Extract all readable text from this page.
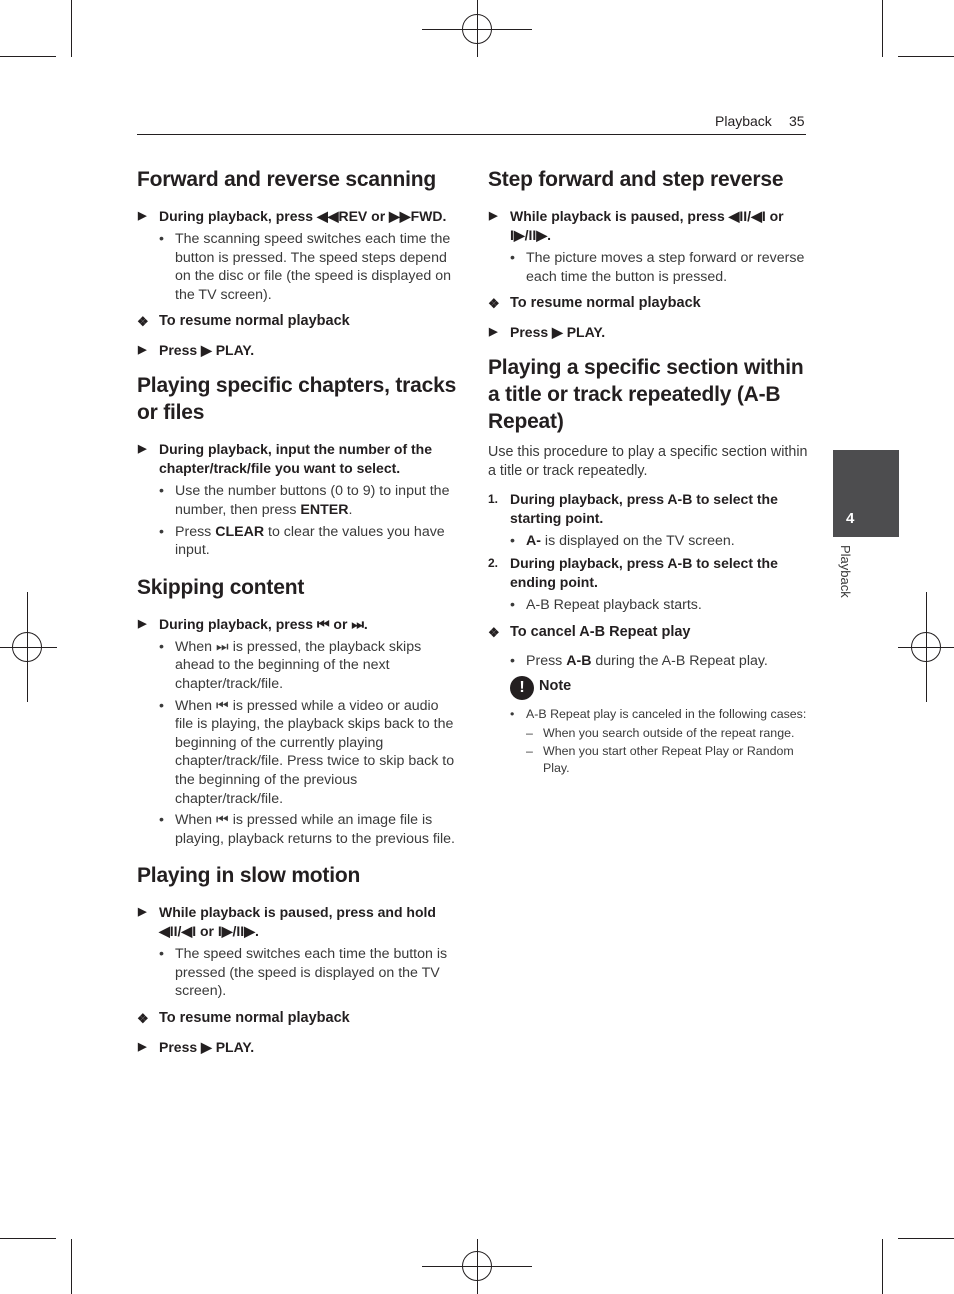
Playback 35
4
Playback
Forward and reverse scanning
▶ During playback, press ◀◀REV or ▶▶FWD.
• The scanning speed switches each time the button is pressed. The speed steps depend on the disc or file (the speed is displayed on the TV screen).
❖ To resume normal playback
▶ Press ▶ PLAY.
Playing specific chapters, tracks or files
▶ During playback, input the number of the chapter/track/file you want to select.
• Use the number buttons (0 to 9) to input the number, then press ENTER.
• Press CLEAR to clear the values you have input.
Skipping content
▶ During playback, press ⏮ or ⏭.
• When ⏭ is pressed, the playback skips ahead to the beginning of the next chapter/track/file.
• When ⏮ is pressed while a video or audio file is playing, the playback skips back to the beginning of the currently playing chapter/track/file. Press twice to skip back to the beginning of the previous chapter/track/file.
• When ⏮ is pressed while an image file is playing, playback returns to the previous file.
Playing in slow motion
▶ While playback is paused, press and hold ◀II/◀I or I▶/II▶.
• The speed switches each time the button is pressed (the speed is displayed on the TV screen).
❖ To resume normal playback
▶ Press ▶ PLAY.
Step forward and step reverse
▶ While playback is paused, press ◀II/◀I or I▶/II▶.
• The picture moves a step forward or reverse each time the button is pressed.
❖ To resume normal playback
▶ Press ▶ PLAY.
Playing a specific section within a title or track repeatedly (A-B Repeat)

Use this procedure to play a specific section within a title or track repeatedly.

1. During playback, press A-B to select the starting point.
• A- is displayed on the TV screen.
2. During playback, press A-B to select the ending point.
• A-B Repeat playback starts.
❖ To cancel A-B Repeat play
• Press A-B during the A-B Repeat play.
! Note
• A-B Repeat play is canceled in the following cases:
– When you search outside of the repeat range.
– When you start other Repeat Play or Random Play.
